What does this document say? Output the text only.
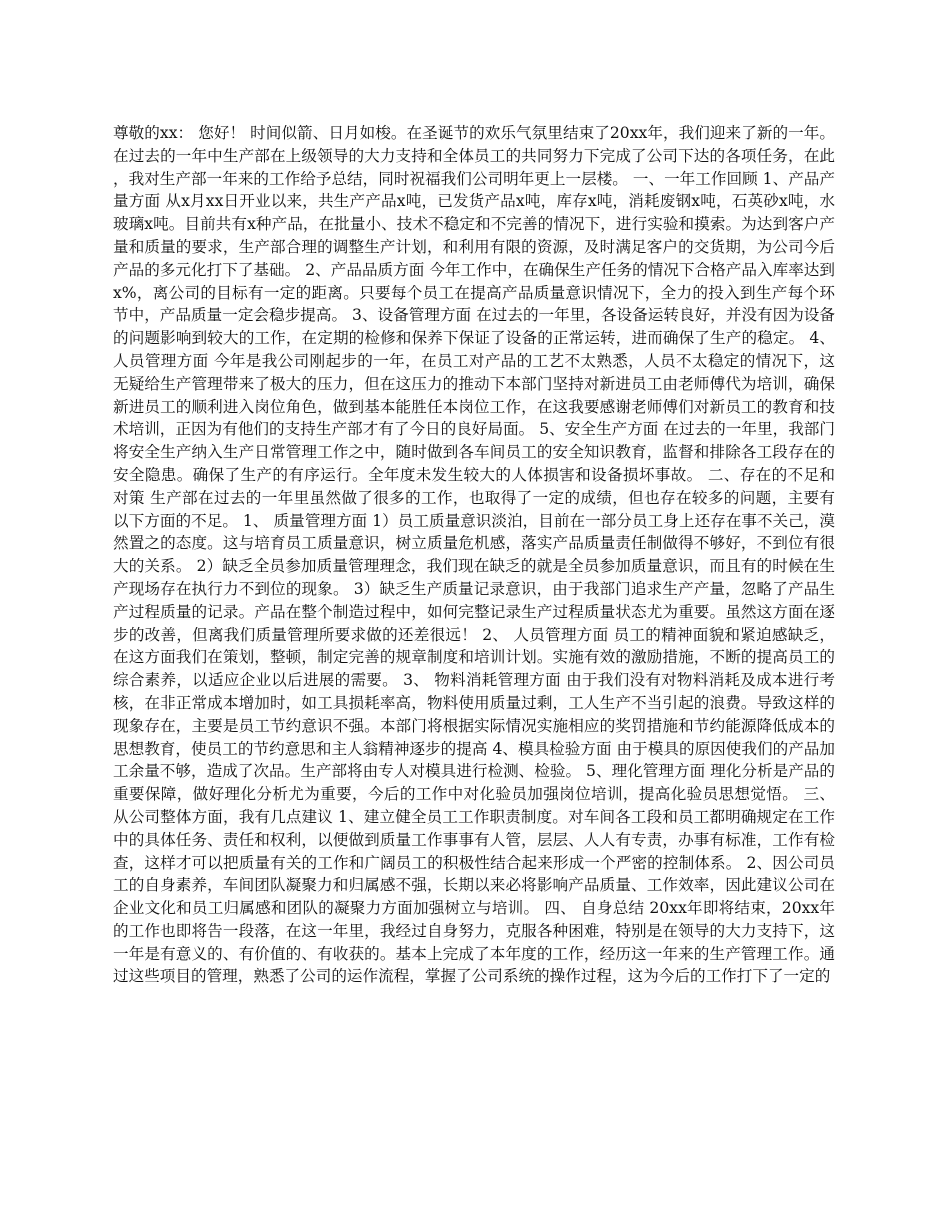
尊敬的xx： 您好！ 时间似箭、日月如梭。在圣诞节的欢乐气氛里结束了20xx年，我们迎来了新的一年。在过去的一年中生产部在上级领导的大力支持和全体员工的共同努力下完成了公司下达的各项任务，在此，我对生产部一年来的工作给予总结，同时祝福我们公司明年更上一层楼。 一、一年工作回顾 1、产品产量方面 从x月xx日开业以来，共生产产品x吨，已发货产品x吨，库存x吨，消耗废钢x吨，石英砂x吨，水玻璃x吨。目前共有x种产品，在批量小、技术不稳定和不完善的情况下，进行实验和摸索。为达到客户产量和质量的要求，生产部合理的调整生产计划，和利用有限的资源，及时满足客户的交货期，为公司今后产品的多元化打下了基础。 2、产品品质方面 今年工作中，在确保生产任务的情况下合格产品入库率达到x%，离公司的目标有一定的距离。只要每个员工在提高产品质量意识情况下，全力的投入到生产每个环节中，产品质量一定会稳步提高。 3、设备管理方面 在过去的一年里，各设备运转良好，并没有因为设备的问题影响到较大的工作，在定期的检修和保养下保证了设备的正常运转，进而确保了生产的稳定。 4、人员管理方面 今年是我公司刚起步的一年，在员工对产品的工艺不太熟悉，人员不太稳定的情况下，这无疑给生产管理带来了极大的压力，但在这压力的推动下本部门坚持对新进员工由老师傅代为培训，确保新进员工的顺利进入岗位角色，做到基本能胜任本岗位工作，在这我要感谢老师傅们对新员工的教育和技术培训，正因为有他们的支持生产部才有了今日的良好局面。 5、安全生产方面 在过去的一年里，我部门将安全生产纳入生产日常管理工作之中，随时做到各车间员工的安全知识教育，监督和排除各工段存在的安全隐患。确保了生产的有序运行。全年度未发生较大的人体损害和设备损坏事故。 二、存在的不足和对策 生产部在过去的一年里虽然做了很多的工作，也取得了一定的成绩，但也存在较多的问题，主要有以下方面的不足。 1、 质量管理方面 1）员工质量意识淡泊，目前在一部分员工身上还存在事不关己，漠然置之的态度。这与培育员工质量意识，树立质量危机感，落实产品质量责任制做得不够好，不到位有很大的关系。 2）缺乏全员参加质量管理理念，我们现在缺乏的就是全员参加质量意识，而且有的时候在生产现场存在执行力不到位的现象。 3）缺乏生产质量记录意识，由于我部门追求生产产量，忽略了产品生产过程质量的记录。产品在整个制造过程中，如何完整记录生产过程质量状态尤为重要。虽然这方面在逐步的改善，但离我们质量管理所要求做的还差很远！ 2、 人员管理方面 员工的精神面貌和紧迫感缺乏，在这方面我们在策划，整顿，制定完善的规章制度和培训计划。实施有效的激励措施，不断的提高员工的综合素养，以适应企业以后进展的需要。 3、 物料消耗管理方面 由于我们没有对物料消耗及成本进行考核，在非正常成本增加时，如工具损耗率高，物料使用质量过剩，工人生产不当引起的浪费。导致这样的现象存在，主要是员工节约意识不强。本部门将根据实际情况实施相应的奖罚措施和节约能源降低成本的思想教育，使员工的节约意思和主人翁精神逐步的提高 4、模具检验方面 由于模具的原因使我们的产品加工余量不够，造成了次品。生产部将由专人对模具进行检测、检验。 5、理化管理方面 理化分析是产品的重要保障，做好理化分析尤为重要，今后的工作中对化验员加强岗位培训，提高化验员思想觉悟。 三、 从公司整体方面，我有几点建议 1、建立健全员工工作职责制度。对车间各工段和员工都明确规定在工作中的具体任务、责任和权利，以便做到质量工作事事有人管，层层、人人有专责，办事有标准，工作有检查，这样才可以把质量有关的工作和广阔员工的积极性结合起来形成一个严密的控制体系。 2、因公司员工的自身素养，车间团队凝聚力和归属感不强，长期以来必将影响产品质量、工作效率，因此建议公司在企业文化和员工归属感和团队的凝聚力方面加强树立与培训。 四、 自身总结 20xx年即将结束，20xx年的工作也即将告一段落，在这一年里，我经过自身努力，克服各种困难，特别是在领导的大力支持下，这一年是有意义的、有价值的、有收获的。基本上完成了本年度的工作，经历这一年来的生产管理工作。通过这些项目的管理，熟悉了公司的运作流程，掌握了公司系统的操作过程，这为今后的工作打下了一定的
